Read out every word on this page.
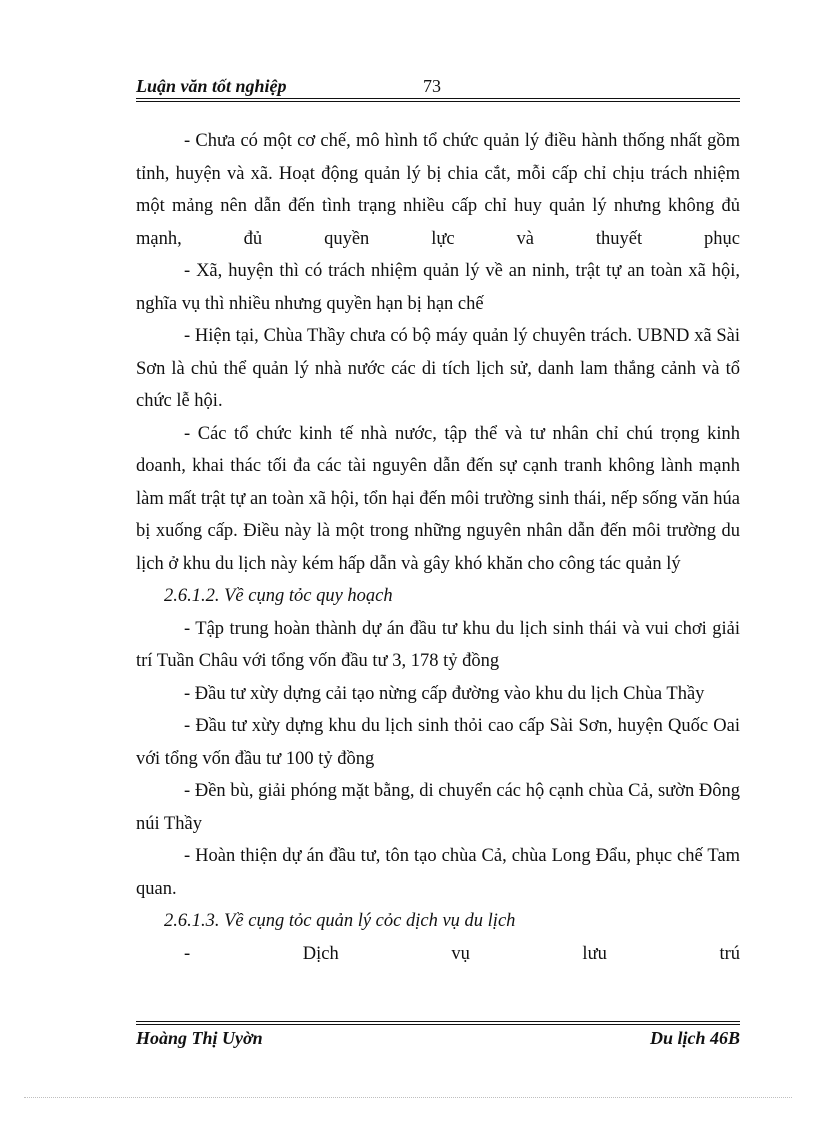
Luận văn tốt nghiệp	73

- Chưa có một cơ chế, mô hình tổ chức quản lý điều hành thống nhất gồm tỉnh, huyện và xã. Hoạt động quản lý bị chia cắt, mỗi cấp chỉ chịu trách nhiệm một mảng nên dẫn đến tình trạng nhiều cấp chỉ huy quản lý nhưng không đủ mạnh, đủ quyền lực và thuyết phục

- Xã, huyện thì có trách nhiệm quản lý về an ninh, trật tự an toàn xã hội, nghĩa vụ thì nhiều nhưng quyền hạn bị hạn chế

- Hiện tại, Chùa Thầy chưa có bộ máy quản lý chuyên trách. UBND xã Sài Sơn là chủ thể quản lý nhà nước các di tích lịch sử, danh lam thắng cảnh và tổ chức lễ hội.

- Các tổ chức kinh tế nhà nước, tập thể và tư nhân chỉ chú trọng kinh doanh, khai thác tối đa các tài nguyên dẫn đến sự cạnh tranh không lành mạnh làm mất trật tự an toàn xã hội, tổn hại đến môi trường sinh thái, nếp sống văn húa bị xuống cấp. Điều này là một trong những nguyên nhân dẫn đến môi trường du lịch ở khu du lịch này kém hấp dẫn và gây khó khăn cho công tác quản lý

2.6.1.2. Về cụng tỏc quy hoạch

- Tập trung hoàn thành dự án đầu tư khu du lịch sinh thái và vui chơi giải trí Tuần Châu với tổng vốn đầu tư 3, 178 tỷ đồng

- Đầu tư xừy dựng cải tạo nừng cấp đường vào khu du lịch Chùa Thầy

- Đầu tư xừy dựng khu du lịch sinh thỏi cao cấp Sài Sơn, huyện Quốc Oai với tổng vốn đầu tư 100 tỷ đồng

- Đền bù, giải phóng mặt bằng, di chuyển các hộ cạnh chùa Cả, sườn Đông núi Thầy

- Hoàn thiện dự án đầu tư, tôn tạo chùa Cả, chùa Long Đẩu, phục chế Tam quan.

2.6.1.3. Về cụng tỏc quản lý cỏc dịch vụ du lịch

- Dịch vụ lưu trú

Hoàng Thị Uyờn	Du lịch 46B
